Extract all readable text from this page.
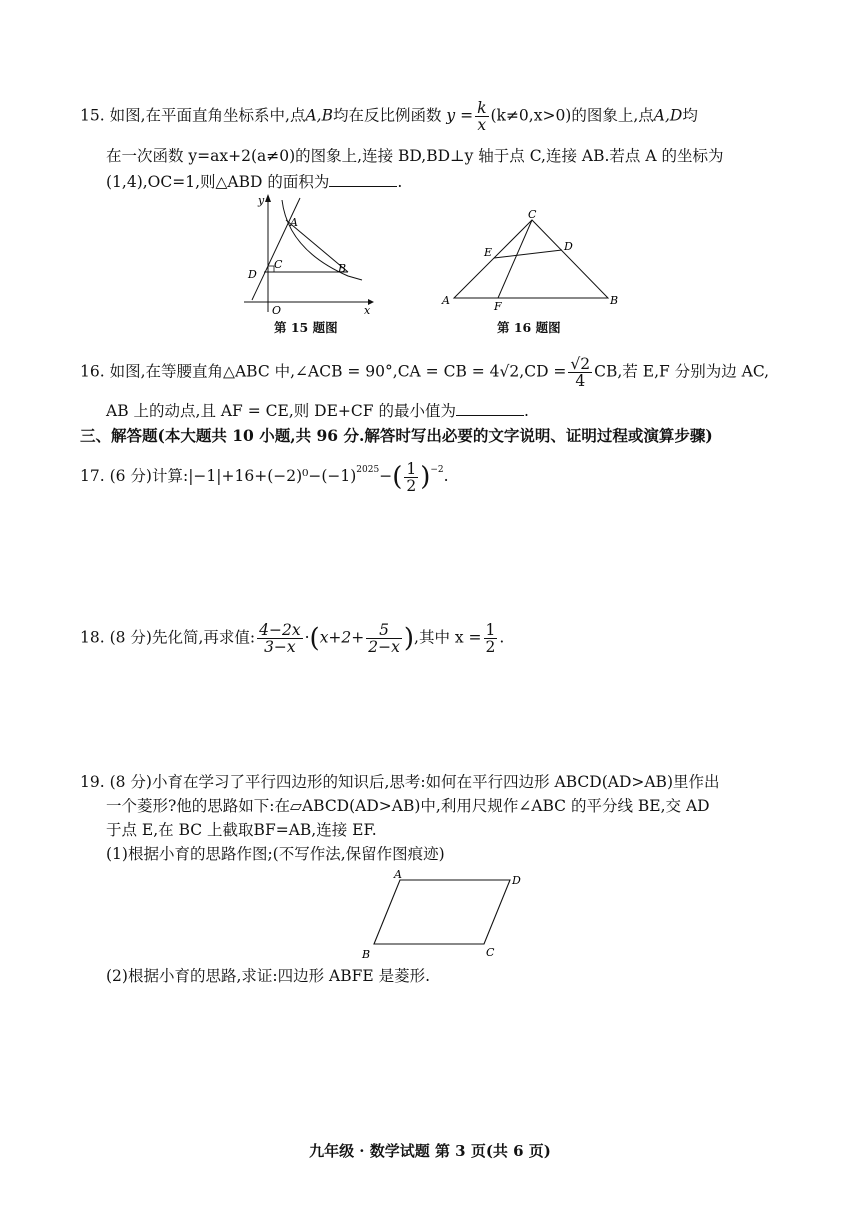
15. 如图,在平面直角坐标系中,点A,B均在反比例函数 $y = \frac{k}{x} (k\ne 0,x>0)$的图象上,点A,D均
在一次函数 y=ax+2(a≠0)的图象上,连接 BD,BD⊥y 轴于点 C,连接 AB.若点 A 的坐标为
(1,4),OC=1,则△ABD 的面积为	.
y
x
A
B
C
D
O
第 15 题图
A	B
C
D
E
F
第 16 题图
16. 如图,在等腰直角△ABC 中,∠ACB = 90°,CA = CB = $4√2,CD = \frac{√2}{4}$ CB,若 E,F 分别为边 AC,
AB 上的动点,且 AF = CE,则 DE+CF 的最小值为	.
三、解答题(本大题共 10 小题,共 96 分.解答时写出必要的文字说明、证明过程或演算步骤)
17. (6 分)计算$:|-1|+16+(-2)^0-(-1)^{2025}-( \frac{1}{2} )^{-2}$.
18. (8 分)先化简,再求值: $\frac{4-2x}{3-x} \cdot(x+2+ \frac{5}{2-x}$ ),其中 $x = \frac{1}{2}$ .
19. (8 分)小育在学习了平行四边形的知识后,思考:如何在平行四边形 ABCD(AD>AB)里作出
一个菱形?他的思路如下:在▱ABCD(AD>AB)中,利用尺规作∠ABC 的平分线 BE,交 AD
于点 E,在 BC 上截取BF=AB,连接 EF.
(1)根据小育的思路作图;(不写作法,保留作图痕迹)
A	D
B	C
(2)根据小育的思路,求证:四边形 ABFE 是菱形.
九年级 · 数学试题 第 3 页(共 6 页)
